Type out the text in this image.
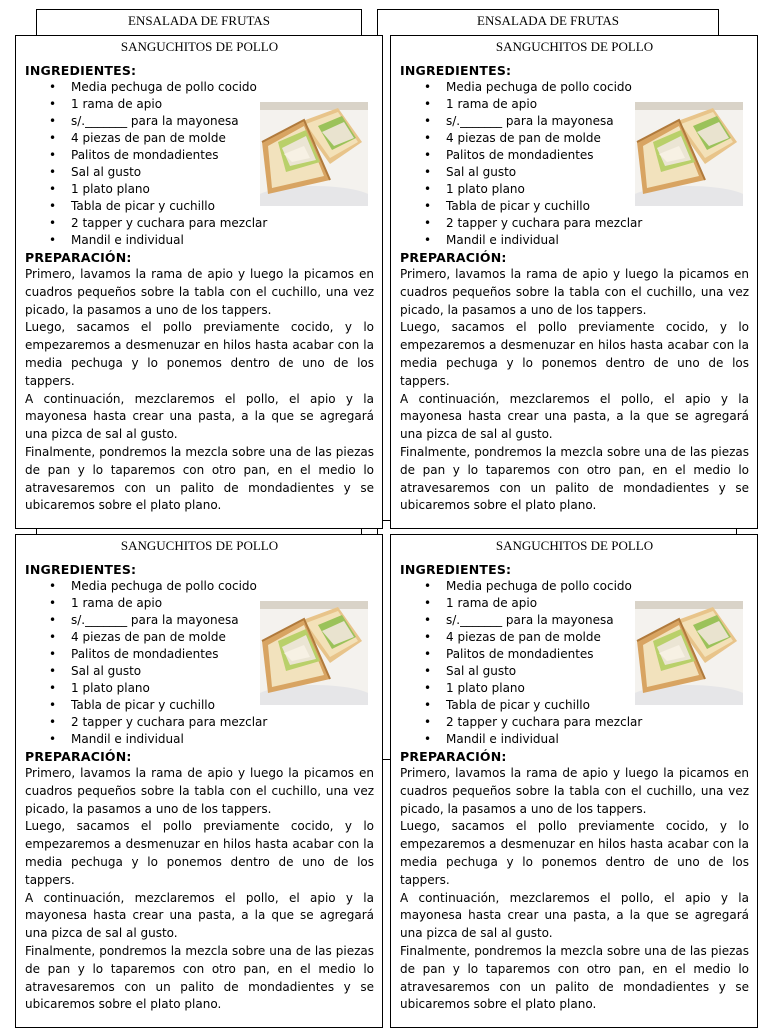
ENSALADA DE FRUTAS	ENSALADA DE FRUTAS
SANGUCHITOS DE POLLO
INGREDIENTES:
• Media pechuga de pollo cocido
• 1 rama de apio
• s/._______ para la mayonesa
• 4 piezas de pan de molde
• Palitos de mondadientes
• Sal al gusto
• 1 plato plano
• Tabla de picar y cuchillo
• 2 tapper y cuchara para mezclar
• Mandil e individual
PREPARACIÓN:

Primero, lavamos la rama de apio y luego la picamos en cuadros pequeños sobre la tabla con el cuchillo, una vez picado, la pasamos a uno de los tappers.

Luego, sacamos el pollo previamente cocido, y lo empezaremos a desmenuzar en hilos hasta acabar con la media pechuga y lo ponemos dentro de uno de los tappers.

A continuación, mezclaremos el pollo, el apio y la mayonesa hasta crear una pasta, a la que se agregará una pizca de sal al gusto.

Finalmente, pondremos la mezcla sobre una de las piezas de pan y lo taparemos con otro pan, en el medio lo atravesaremos con un palito de mondadientes y se ubicaremos sobre el plato plano.

SANGUCHITOS DE POLLO
INGREDIENTES:
• Media pechuga de pollo cocido
• 1 rama de apio
• s/._______ para la mayonesa
• 4 piezas de pan de molde
• Palitos de mondadientes
• Sal al gusto
• 1 plato plano
• Tabla de picar y cuchillo
• 2 tapper y cuchara para mezclar
• Mandil e individual
PREPARACIÓN:

Primero, lavamos la rama de apio y luego la picamos en cuadros pequeños sobre la tabla con el cuchillo, una vez picado, la pasamos a uno de los tappers.

Luego, sacamos el pollo previamente cocido, y lo empezaremos a desmenuzar en hilos hasta acabar con la media pechuga y lo ponemos dentro de uno de los tappers.

A continuación, mezclaremos el pollo, el apio y la mayonesa hasta crear una pasta, a la que se agregará una pizca de sal al gusto.

Finalmente, pondremos la mezcla sobre una de las piezas de pan y lo taparemos con otro pan, en el medio lo atravesaremos con un palito de mondadientes y se ubicaremos sobre el plato plano.

SANGUCHITOS DE POLLO
INGREDIENTES:
• Media pechuga de pollo cocido
• 1 rama de apio
• s/._______ para la mayonesa
• 4 piezas de pan de molde
• Palitos de mondadientes
• Sal al gusto
• 1 plato plano
• Tabla de picar y cuchillo
• 2 tapper y cuchara para mezclar
• Mandil e individual
PREPARACIÓN:

Primero, lavamos la rama de apio y luego la picamos en cuadros pequeños sobre la tabla con el cuchillo, una vez picado, la pasamos a uno de los tappers.

Luego, sacamos el pollo previamente cocido, y lo empezaremos a desmenuzar en hilos hasta acabar con la media pechuga y lo ponemos dentro de uno de los tappers.

A continuación, mezclaremos el pollo, el apio y la mayonesa hasta crear una pasta, a la que se agregará una pizca de sal al gusto.

Finalmente, pondremos la mezcla sobre una de las piezas de pan y lo taparemos con otro pan, en el medio lo atravesaremos con un palito de mondadientes y se ubicaremos sobre el plato plano.

SANGUCHITOS DE POLLO
INGREDIENTES:
• Media pechuga de pollo cocido
• 1 rama de apio
• s/._______ para la mayonesa
• 4 piezas de pan de molde
• Palitos de mondadientes
• Sal al gusto
• 1 plato plano
• Tabla de picar y cuchillo
• 2 tapper y cuchara para mezclar
• Mandil e individual
PREPARACIÓN:

Primero, lavamos la rama de apio y luego la picamos en cuadros pequeños sobre la tabla con el cuchillo, una vez picado, la pasamos a uno de los tappers.

Luego, sacamos el pollo previamente cocido, y lo empezaremos a desmenuzar en hilos hasta acabar con la media pechuga y lo ponemos dentro de uno de los tappers.

A continuación, mezclaremos el pollo, el apio y la mayonesa hasta crear una pasta, a la que se agregará una pizca de sal al gusto.

Finalmente, pondremos la mezcla sobre una de las piezas de pan y lo taparemos con otro pan, en el medio lo atravesaremos con un palito de mondadientes y se ubicaremos sobre el plato plano.
